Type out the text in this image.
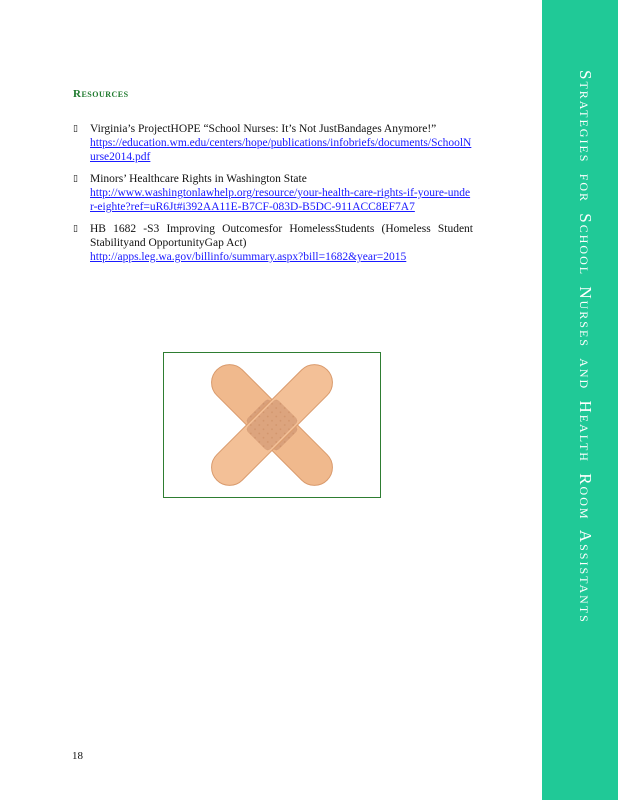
Strategies for School Nurses and Health Room Assistants
Resources
▯ Virginia’s ProjectHOPE “School Nurses: It’s Not JustBandages Anymore!”
https://education.wm.edu/centers/hope/publications/infobriefs/documents/SchoolNurse2014.pdf
▯ Minors’ Healthcare Rights in Washington State
http://www.washingtonlawhelp.org/resource/your-health-care-rights-if-youre-under-eighte?ref=uR6Jt#i392AA11E-B7CF-083D-B5DC-911ACC8EF7A7
▯ HB 1682 -S3 Improving Outcomesfor HomelessStudents (Homeless Student Stabilityand OpportunityGap Act)
http://apps.leg.wa.gov/billinfo/summary.aspx?bill=1682&year=2015
18
